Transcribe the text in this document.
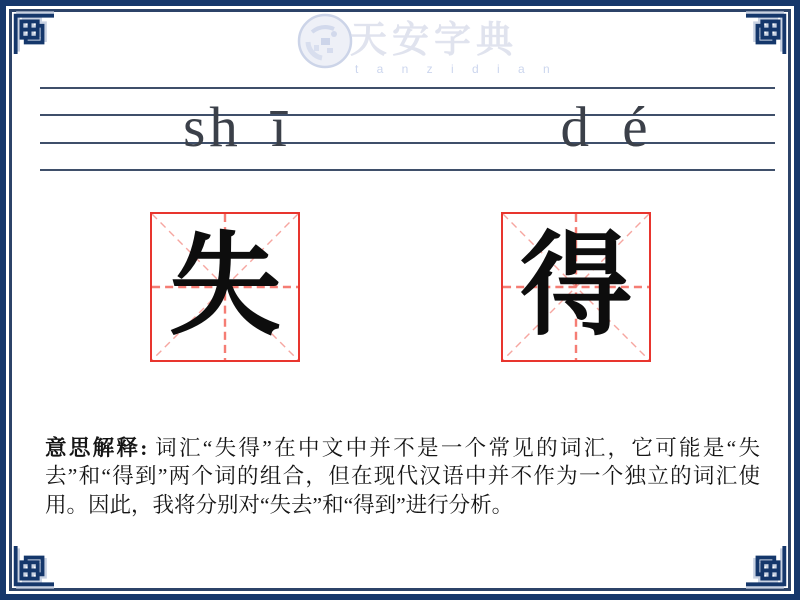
天安字典
t a n z i d i a n
sh ī	d é
失 得

意思解释: 词汇“失得”在中文中并不是一个常见的词汇，它可能是“失去”和“得到”两个词的组合，但在现代汉语中并不作为一个独立的词汇使用。因此，我将分别对“失去”和“得到”进行分析。
